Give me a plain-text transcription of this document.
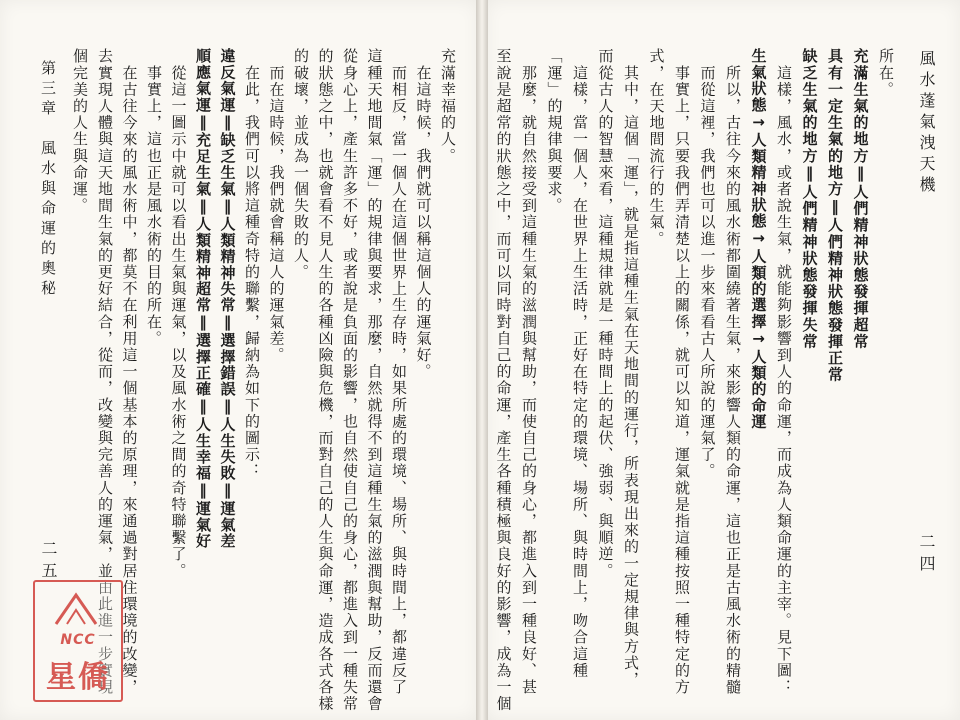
風水蓬氣洩天機
二四
所在。
充滿生氣的地方‖人們精神狀態發揮超常
具有一定生氣的地方‖人們精神狀態發揮正常
缺乏生氣的地方‖人們精神狀態發揮失常
　這樣，風水，或者說生氣，就能夠影響到人的命運，而成為人類命運的主宰。見下圖：
生氣狀態→人類精神狀態→人類的選擇→人類的命運
　所以，古往今來的風水術都圍繞著生氣，來影響人類的命運，這也正是古風水術的精髓
　而從這裡，我們也可以進一步來看看古人所說的運氣了。
　事實上，只要我們弄清楚以上的關係，就可以知道，運氣就是指這種按照一種特定的方
式，在天地間流行的生氣。
　其中，這個「運」，就是指這種生氣在天地間的運行，所表現出來的一定規律與方式，
而從古人的智慧來看，這種規律就是一種時間上的起伏、強弱、與順逆。
　這樣，當一個人，在世界上生活時，正好在特定的環境、場所、與時間上，吻合這種
「運」的規律與要求。
　那麼，就自然接受到這種生氣的滋潤與幫助，而使自己的身心，都進入到一種良好、甚
充滿幸福的人。
　在這時候，我們就可以稱這個人的運氣好。
　而相反，當一個人在這個世界上生存時，如果所處的環境、場所、與時間上，都違反了
這種天地間氣「運」的規律與要求，那麼，自然就得不到這種生氣的滋潤與幫助，反而還會
從身心上，產生許多不好，或者說是負面的影響，也自然使自己的身心，都進入到一種失常
的狀態之中，也就會看不見人生的各種凶險與危機，而對自己的人生與命運，造成各式各樣
的破壞，並成為一個失敗的人。
　而在這時候，我們就會稱這人的運氣差。
　在此，我們可以將這種奇特的聯繫，歸納為如下的圖示：
違反氣運‖缺乏生氣‖人類精神失常‖選擇錯誤‖人生失敗‖運氣差
順應氣運‖充足生氣‖人類精神超常‖選擇正確‖人生幸福‖運氣好
　從這一圖示中就可以看出生氣與運氣，以及風水術之間的奇特聯繫了。
　事實上，這也正是風水術的目的所在。
　在古往今來的風水術中，都莫不在利用這一個基本的原理，來通過對居住環境的改變，
去實現人體與這天地間生氣的更好結合，從而，改變與完善人的運氣，並由此進一步實現
個完美的人生與命運。
第三章　風水與命運的奧秘
二五
NCC
星僑	至說是超常的狀態之中，而可以同時對自己的命運，產生各種積極與良好的影響，成為一個
